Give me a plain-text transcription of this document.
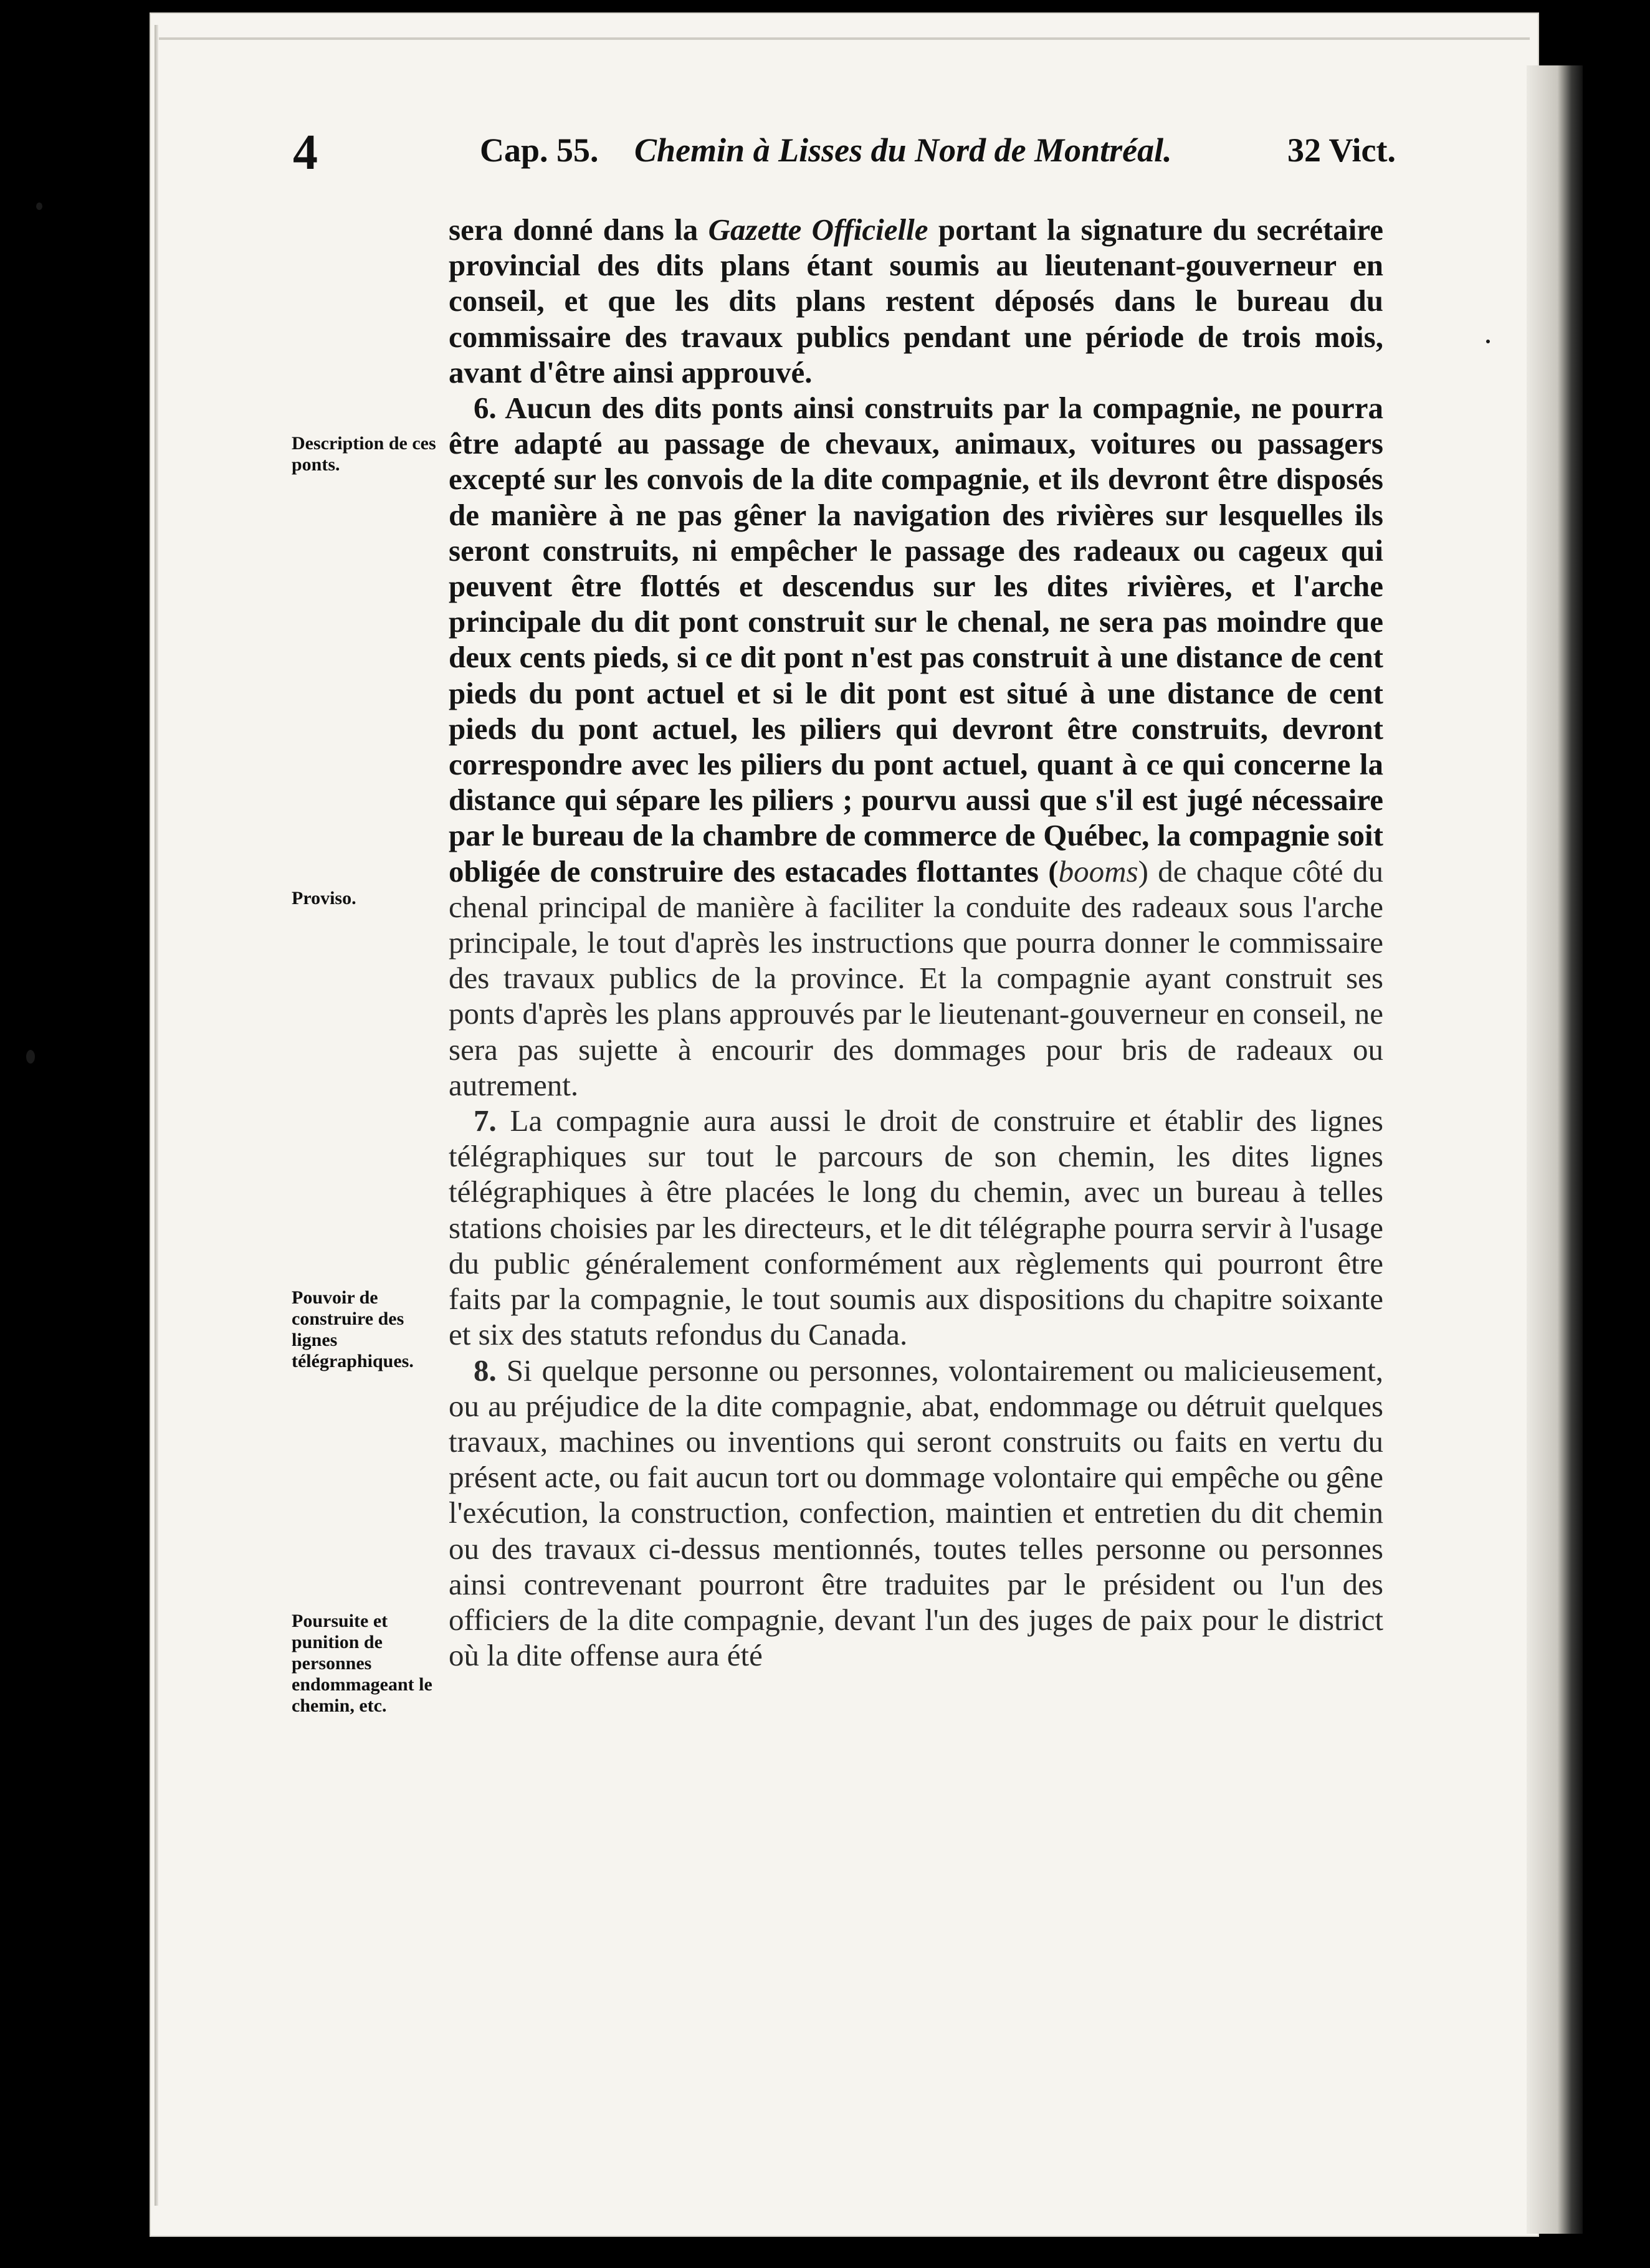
4	Cap. 55. Chemin à Lisses du Nord de Montréal.	32 Vict.
Description de ces ponts.
Proviso.
Pouvoir de construire des lignes télégraphiques.
Poursuite et punition de personnes endommageant le chemin, etc.

sera donné dans la Gazette Officielle portant la signature du secrétaire provincial des dits plans étant soumis au lieutenant-gouverneur en conseil, et que les dits plans restent déposés dans le bureau du commissaire des travaux publics pendant une période de trois mois, avant d'être ainsi approuvé.

6. Aucun des dits ponts ainsi construits par la compagnie, ne pourra être adapté au passage de chevaux, animaux, voitures ou passagers excepté sur les convois de la dite compagnie, et ils devront être disposés de manière à ne pas gêner la navigation des rivières sur lesquelles ils seront construits, ni empêcher le passage des radeaux ou cageux qui peuvent être flottés et descendus sur les dites rivières, et l'arche principale du dit pont construit sur le chenal, ne sera pas moindre que deux cents pieds, si ce dit pont n'est pas construit à une distance de cent pieds du pont actuel et si le dit pont est situé à une distance de cent pieds du pont actuel, les piliers qui devront être construits, devront correspondre avec les piliers du pont actuel, quant à ce qui concerne la distance qui sépare les piliers ; pourvu aussi que s'il est jugé nécessaire par le bureau de la chambre de commerce de Québec, la compagnie soit obligée de construire des estacades flottantes (booms) de chaque côté du chenal principal de manière à faciliter la conduite des radeaux sous l'arche principale, le tout d'après les instructions que pourra donner le commissaire des travaux publics de la province. Et la compagnie ayant construit ses ponts d'après les plans approuvés par le lieutenant-gouverneur en conseil, ne sera pas sujette à encourir des dommages pour bris de radeaux ou autrement.

7. La compagnie aura aussi le droit de construire et établir des lignes télégraphiques sur tout le parcours de son chemin, les dites lignes télégraphiques à être placées le long du chemin, avec un bureau à telles stations choisies par les directeurs, et le dit télégraphe pourra servir à l'usage du public généralement conformément aux règlements qui pourront être faits par la compagnie, le tout soumis aux dispositions du chapitre soixante et six des statuts refondus du Canada.

8. Si quelque personne ou personnes, volontairement ou malicieusement, ou au préjudice de la dite compagnie, abat, endommage ou détruit quelques travaux, machines ou inventions qui seront construits ou faits en vertu du présent acte, ou fait aucun tort ou dommage volontaire qui empêche ou gêne l'exécution, la construction, confection, maintien et entretien du dit chemin ou des travaux ci-dessus mentionnés, toutes telles personne ou personnes ainsi contrevenant pourront être traduites par le président ou l'un des officiers de la dite compagnie, devant l'un des juges de paix pour le district où la dite offense aura été
